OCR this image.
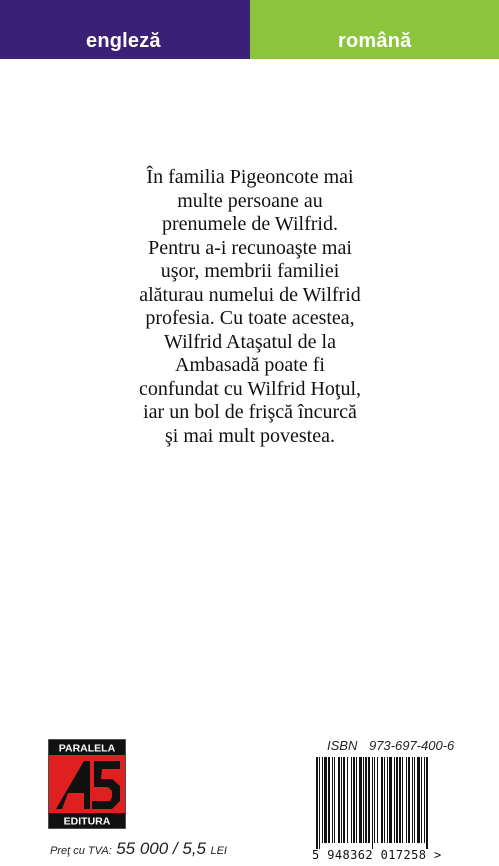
engleză	română
În familia Pigeoncote mai
multe persoane au
prenumele de Wilfrid.
Pentru a-i recunoaşte mai
uşor, membrii familiei
alăturau numelui de Wilfrid
profesia. Cu toate acestea,
Wilfrid Ataşatul de la
Ambasadă poate fi
confundat cu Wilfrid Hoţul,
iar un bol de frişcă încurcă
şi mai mult povestea.
PARALELA
EDITURA
Preţ cu TVA: 55 000 / 5,5 LEI
ISBN 973-697-400-6
5 948362 017258 >
